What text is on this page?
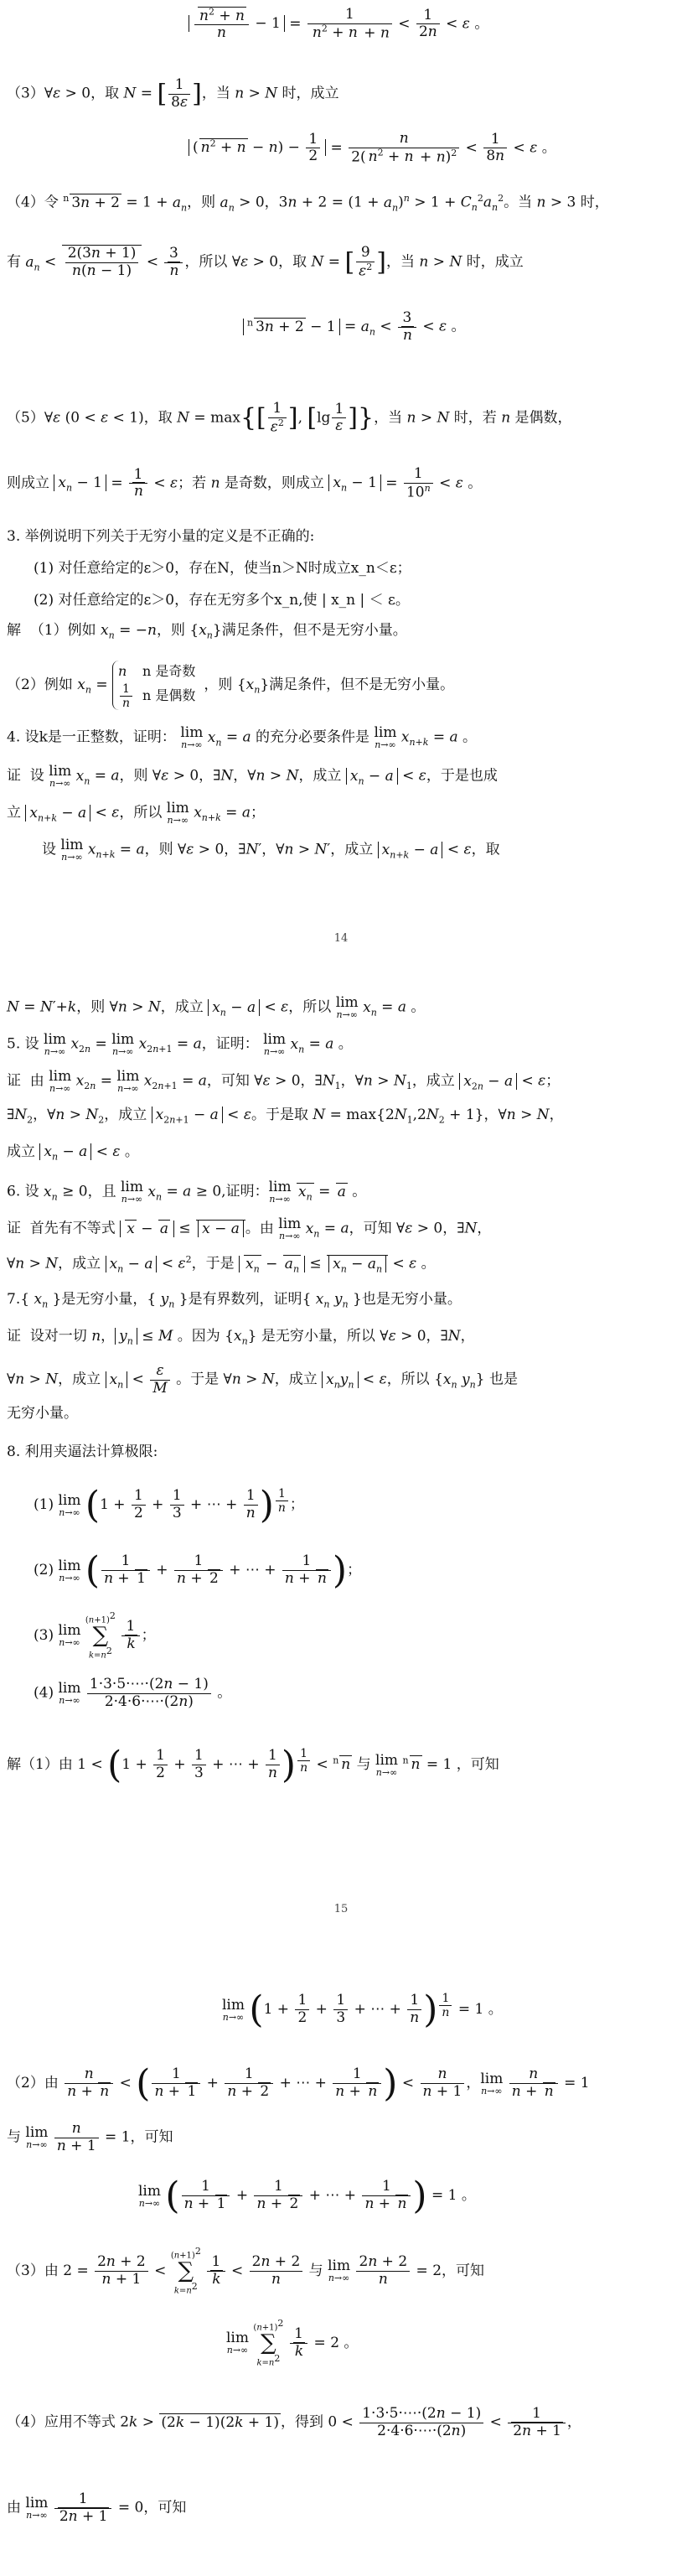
$\frac{n^2 + n}{n} - 1 = \frac{1}{n^2 + n + n} < \frac{1}{2n} < \varepsilon$ 。
（3）∀ε > 0，取 N = [ $\frac{1}{8\varepsilon}$ ]，当 n > N 时，成立
( $n^2 + n - n) - \frac{1}{2} = \frac{n}{2( n^2 + n + n)^2} < \frac{1}{8n} < \varepsilon$ 。
（4）令 $^n$ $3n + 2 = 1 + a_n$，则 $a_n > 0$，$3n + 2 = (1 + a_n)^n > 1 + C_n^2a_n^2$。当 n > 3 时，
有 $a_n < \frac{2(3n + 1)}{n(n - 1)} < \frac{3}{n}$ ，所以 ∀ε > 0，取 N = [ $\frac{9}{\varepsilon^2}$ ]，当 n > N 时，成立
$^n$ $3n + 2 - 1 = a_n < \frac{3}{n} < \varepsilon$ 。
（5）∀ε (0 < ε < 1)，取 $N = \max\{[ \frac{1}{\varepsilon^2}$ ], [$\lg \frac{1}{\varepsilon}$ ]}，当 n > N 时，若 n 是偶数，
则成立 $x_n - 1 = \frac{1}{n} < \varepsilon$；若 n 是奇数，则成立 $x_n - 1 = \frac{1}{10^n} < \varepsilon$ 。
3. 举例说明下列关于无穷小量的定义是不正确的:
(1) 对任意给定的ε＞0，存在N，使当n＞N时成立x_n＜ε；
(2) 对任意给定的ε＞0，存在无穷多个x_n,使 | x_n | ＜ ε。
解  （1）例如 $x_n = -n$，则 $\{x_n\}$满足条件，但不是无穷小量。
（2）例如 $x_n$ =
n	n 是奇数

$\frac{1}{n}$	n 是偶数
，则 $\{x_n\}$满足条件，但不是无穷小量。
4. 设k是一正整数，证明： lim
n→∞ $x_n = a$ 的充分必要条件是 lim
n→∞ $x_{n+k} = a$ 。
证  设 lim
n→∞ $x_n = a$，则 ∀ε > 0，∃N，∀n > N，成立 $x_n - a < \varepsilon$，于是也成
立 $x_{n+k} - a < \varepsilon$，所以 lim
n→∞ $x_{n+k} = a$；
设 lim
n→∞ $x_{n+k} = a$，则 ∀ε > 0，∃N′，∀n > N′，成立 $x_{n+k} - a < \varepsilon$，取
14
N = N′+k，则 ∀n > N，成立 $x_n - a < \varepsilon$，所以 lim
n→∞ $x_n = a$ 。
5. 设 lim
n→∞ $x_{2n} = \lim$
n→∞ $x_{2n+1} = a$，证明： lim
n→∞ $x_n = a$ 。
证  由 lim
n→∞ $x_{2n} = \lim$
n→∞ $x_{2n+1} = a$，可知 ∀ε > 0，$\exists N_1$，∀n > $N_1$，成立 $x_{2n} - a < \varepsilon$；
$\exists N_2$，∀n > $N_2$，成立 $x_{2n+1} - a < \varepsilon$。于是取 $N = \max\{2N_1,2N_2 + 1\}$，∀n > N，
成立 $x_n - a < \varepsilon$ 。
6. 设 $x_n \ge 0$，且 lim
n→∞ $x_n = a \ge 0$,证明： lim
n→∞ $x_n = a$ 。
证  首先有不等式 x − a ≤ x − a 。由 lim
n→∞ $x_n = a$，可知 ∀ε > 0，∃N，
∀n > N，成立 $x_n - a < \varepsilon^2$，于是 $x_n - a_n \le x_n - a_n < \varepsilon$ 。
7.{ $x_n$ }是无穷小量，{ $y_n$ }是有界数列，证明{ $x_n$ $y_n$ }也是无穷小量。
证  设对一切 n， $y_n \le M$ 。因为 $\{x_n\}$ 是无穷小量，所以 ∀ε > 0，∃N，
∀n > N，成立 $x_n < \frac{\varepsilon}{M}$ 。于是 ∀n > N，成立 $x_ny_n < \varepsilon$，所以 {$x_n$ $y_n$} 也是
无穷小量。
8. 利用夹逼法计算极限:
(1) lim
n→∞ ($1 + \frac{1}{2} + \frac{1}{3}$ + ⋯ + $\frac{1}{n}$ ) $^{\frac{1}{n}}$ ；
(2) lim
n→∞ ( $\frac{1}{n + 1} + \frac{1}{n + 2}$ + ⋯ + $\frac{1}{n + n}$ )；
(3) lim
n→∞

$(n+1)^2$
∑
$k=n^2$
$\frac{1}{k}$ ；
(4) lim
n→∞
$\frac{1\cdot 3\cdot 5\cdot\cdots\cdot(2n - 1)}{2\cdot 4\cdot 6\cdot\cdots\cdot(2n)}$ 。
解（1）由 $1 < (1 + \frac{1}{2} + \frac{1}{3}$ + ⋯ + $\frac{1}{n}$ ) $^{\frac{1}{n}}$ < $^n$ n 与 lim
n→∞
$^n$ n = 1 ，可知
15
lim
n→∞ ($1 + \frac{1}{2} + \frac{1}{3}$ + ⋯ + $\frac{1}{n}$ ) $^{\frac{1}{n}}$ = 1 。
（2）由 $\frac{n}{n + n}$ < ( $\frac{1}{n + 1} + \frac{1}{n + 2}$ + ⋯ + $\frac{1}{n + n}$ ) < $\frac{n}{n + 1}$ ， lim
n→∞
$\frac{n}{n + n} = 1$
与 lim
n→∞
$\frac{n}{n + 1} = 1$，可知
lim
n→∞ ( $\frac{1}{n + 1} + \frac{1}{n + 2}$ + ⋯ + $\frac{1}{n + n}$ ) = 1 。
（3）由 $2 = \frac{2n + 2}{n + 1}$ <
$(n+1)^2$
∑
$k=n^2$
$\frac{1}{k} < \frac{2n + 2}{n}$ 与 lim
n→∞
$\frac{2n + 2}{n} = 2$，可知
lim
n→∞

$(n+1)^2$
∑
$k=n^2$
$\frac{1}{k} = 2$ 。
（4）应用不等式 2k > (2k − 1)(2k + 1) ，得到 $0 < \frac{1\cdot 3\cdot 5\cdot\cdots\cdot(2n - 1)}{2\cdot 4\cdot 6\cdot\cdots\cdot(2n)} < \frac{1}{2n + 1}$ ，
由 lim
n→∞
$\frac{1}{2n + 1} = 0$，可知
